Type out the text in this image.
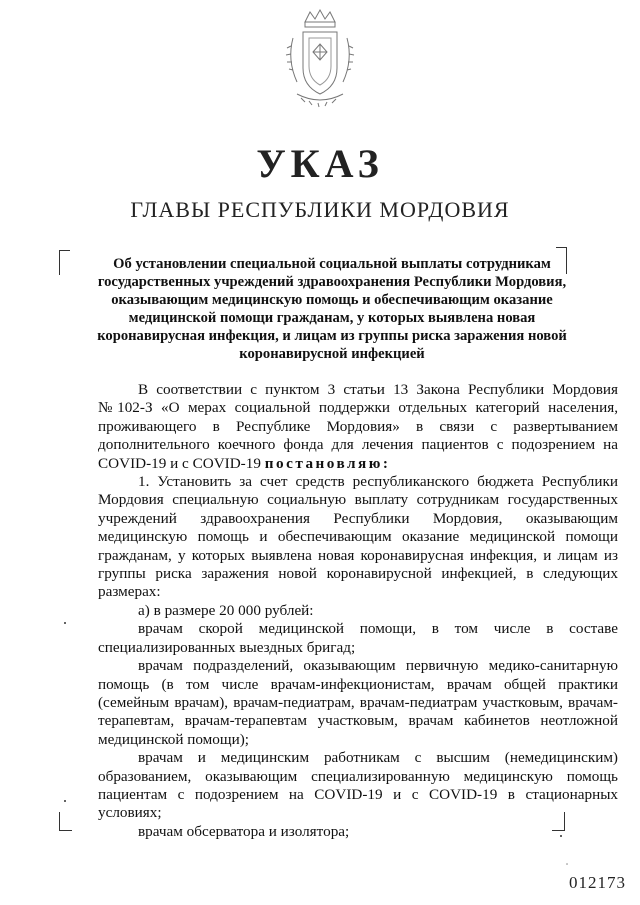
УКАЗ
ГЛАВЫ РЕСПУБЛИКИ МОРДОВИЯ
Об установлении специальной социальной выплаты сотрудникам
государственных учреждений здравоохранения Республики Мордовия,
оказывающим медицинскую помощь и обеспечивающим оказание
медицинской помощи гражданам, у которых выявлена новая
коронавирусная инфекция, и лицам из группы риска заражения новой
коронавирусной инфекцией

В соответствии с пунктом 3 статьи 13 Закона Республики Мордовия №102-З «О мерах социальной поддержки отдельных категорий населения, проживающего в Республике Мордовия» в связи с развертыванием дополнительного коечного фонда для лечения пациентов с подозрением на COVID-19 и с COVID-19 постановляю:

1. Установить за счет средств республиканского бюджета Республики Мордовия специальную социальную выплату сотрудникам государственных учреждений здравоохранения Республики Мордовия, оказывающим медицинскую помощь и обеспечивающим оказание медицинской помощи гражданам, у которых выявлена новая коронавирусная инфекция, и лицам из группы риска заражения новой коронавирусной инфекцией, в следующих размерах:

а) в размере 20 000 рублей:

врачам скорой медицинской помощи, в том числе в составе специализированных выездных бригад;

врачам подразделений, оказывающим первичную медико-санитарную помощь (в том числе врачам-инфекционистам, врачам общей практики (семейным врачам), врачам-педиатрам, врачам-педиатрам участковым, врачам-терапевтам, врачам-терапевтам участковым, врачам кабинетов неотложной медицинской помощи);

врачам и медицинским работникам с высшим (немедицинским) образованием, оказывающим специализированную медицинскую помощь пациентам с подозрением на COVID-19 и с COVID-19 в стационарных условиях;

врачам обсерватора и изолятора;

▫
012173
